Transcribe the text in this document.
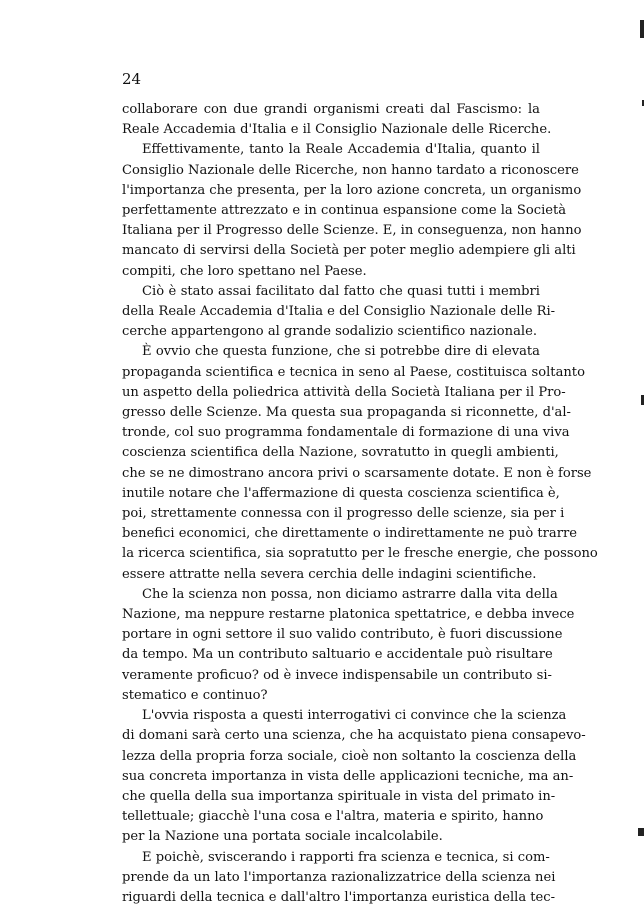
24
collaborare con due grandi organismi creati dal Fascismo: la
Reale Accademia d'Italia e il Consiglio Nazionale delle Ricerche.
Effettivamente, tanto la Reale Accademia d'Italia, quanto il
Consiglio Nazionale delle Ricerche, non hanno tardato a riconoscere
l'importanza che presenta, per la loro azione concreta, un organismo
perfettamente attrezzato e in continua espansione come la Società
Italiana per il Progresso delle Scienze. E, in conseguenza, non hanno
mancato di servirsi della Società per poter meglio adempiere gli alti
compiti, che loro spettano nel Paese.
Ciò è stato assai facilitato dal fatto che quasi tutti i membri
della Reale Accademia d'Italia e del Consiglio Nazionale delle Ri-
cerche appartengono al grande sodalizio scientifico nazionale.
È ovvio che questa funzione, che si potrebbe dire di elevata
propaganda scientifica e tecnica in seno al Paese, costituisca soltanto
un aspetto della poliedrica attività della Società Italiana per il Pro-
gresso delle Scienze. Ma questa sua propaganda si riconnette, d'al-
tronde, col suo programma fondamentale di formazione di una viva
coscienza scientifica della Nazione, sovratutto in quegli ambienti,
che se ne dimostrano ancora privi o scarsamente dotate. E non è forse
inutile notare che l'affermazione di questa coscienza scientifica è,
poi, strettamente connessa con il progresso delle scienze, sia per i
benefici economici, che direttamente o indirettamente ne può trarre
la ricerca scientifica, sia sopratutto per le fresche energie, che possono
essere attratte nella severa cerchia delle indagini scientifiche.
Che la scienza non possa, non diciamo astrarre dalla vita della
Nazione, ma neppure restarne platonica spettatrice, e debba invece
portare in ogni settore il suo valido contributo, è fuori discussione
da tempo. Ma un contributo saltuario e accidentale può risultare
veramente proficuo? od è invece indispensabile un contributo si-
stematico e continuo?
L'ovvia risposta a questi interrogativi ci convince che la scienza
di domani sarà certo una scienza, che ha acquistato piena consapevo-
lezza della propria forza sociale, cioè non soltanto la coscienza della
sua concreta importanza in vista delle applicazioni tecniche, ma an-
che quella della sua importanza spirituale in vista del primato in-
tellettuale; giacchè l'una cosa e l'altra, materia e spirito, hanno
per la Nazione una portata sociale incalcolabile.
E poichè, sviscerando i rapporti fra scienza e tecnica, si com-
prende da un lato l'importanza razionalizzatrice della scienza nei
riguardi della tecnica e dall'altro l'importanza euristica della tec-
